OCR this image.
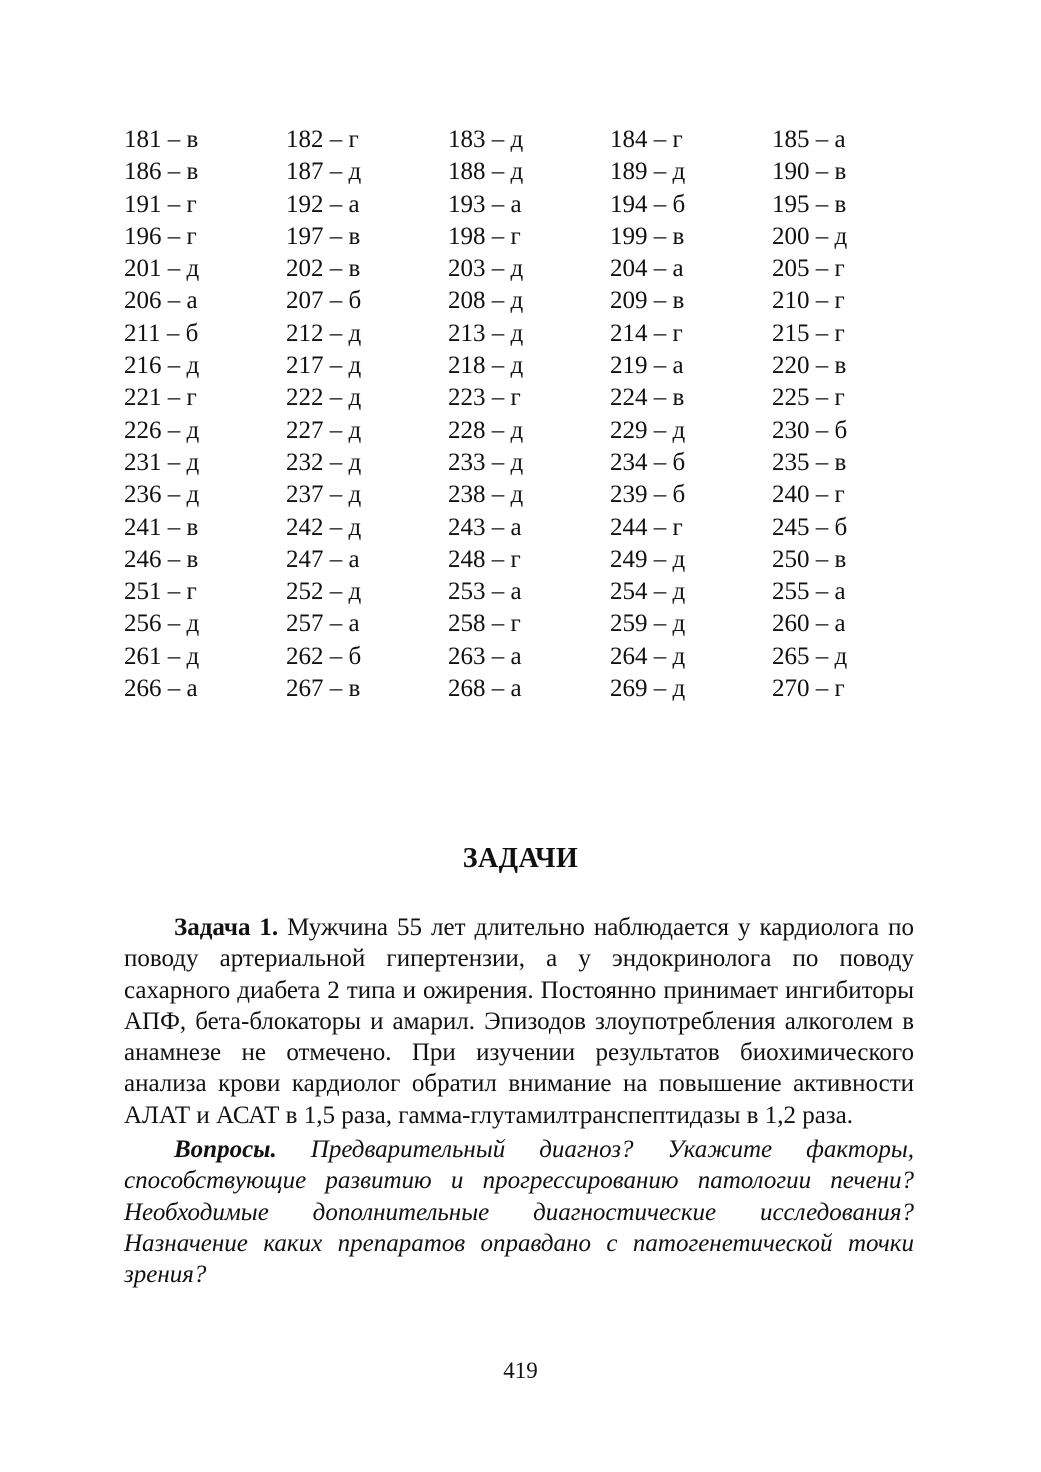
181 – в	182 – г	183 – д	184 – г	185 – а
186 – в	187 – д	188 – д	189 – д	190 – в
191 – г	192 – а	193 – а	194 – б	195 – в
196 – г	197 – в	198 – г	199 – в	200 – д
201 – д	202 – в	203 – д	204 – а	205 – г
206 – а	207 – б	208 – д	209 – в	210 – г
211 – б	212 – д	213 – д	214 – г	215 – г
216 – д	217 – д	218 – д	219 – а	220 – в
221 – г	222 – д	223 – г	224 – в	225 – г
226 – д	227 – д	228 – д	229 – д	230 – б
231 – д	232 – д	233 – д	234 – б	235 – в
236 – д	237 – д	238 – д	239 – б	240 – г
241 – в	242 – д	243 – а	244 – г	245 – б
246 – в	247 – а	248 – г	249 – д	250 – в
251 – г	252 – д	253 – а	254 – д	255 – а
256 – д	257 – а	258 – г	259 – д	260 – а
261 – д	262 – б	263 – а	264 – д	265 – д
266 – а	267 – в	268 – а	269 – д	270 – г
ЗАДАЧИ

Задача 1. Мужчина 55 лет длительно наблюдается у кардиолога по поводу артериальной гипертензии, а у эндокринолога по поводу сахарного диабета 2 типа и ожирения. Постоянно принимает ингибиторы АПФ, бета-блокаторы и амарил. Эпизодов злоупотребления алкоголем в анамнезе не отмечено. При изучении результатов биохимического анализа крови кардиолог обратил внимание на повышение активности АЛАТ и АСАТ в 1,5 раза, гамма-глутамилтранспептидазы в 1,2 раза.

Вопросы. Предварительный диагноз? Укажите факторы, способствующие развитию и прогрессированию патологии печени? Необходимые дополнительные диагностические исследования? Назначение каких препаратов оправдано с патогенетической точки зрения?

419
